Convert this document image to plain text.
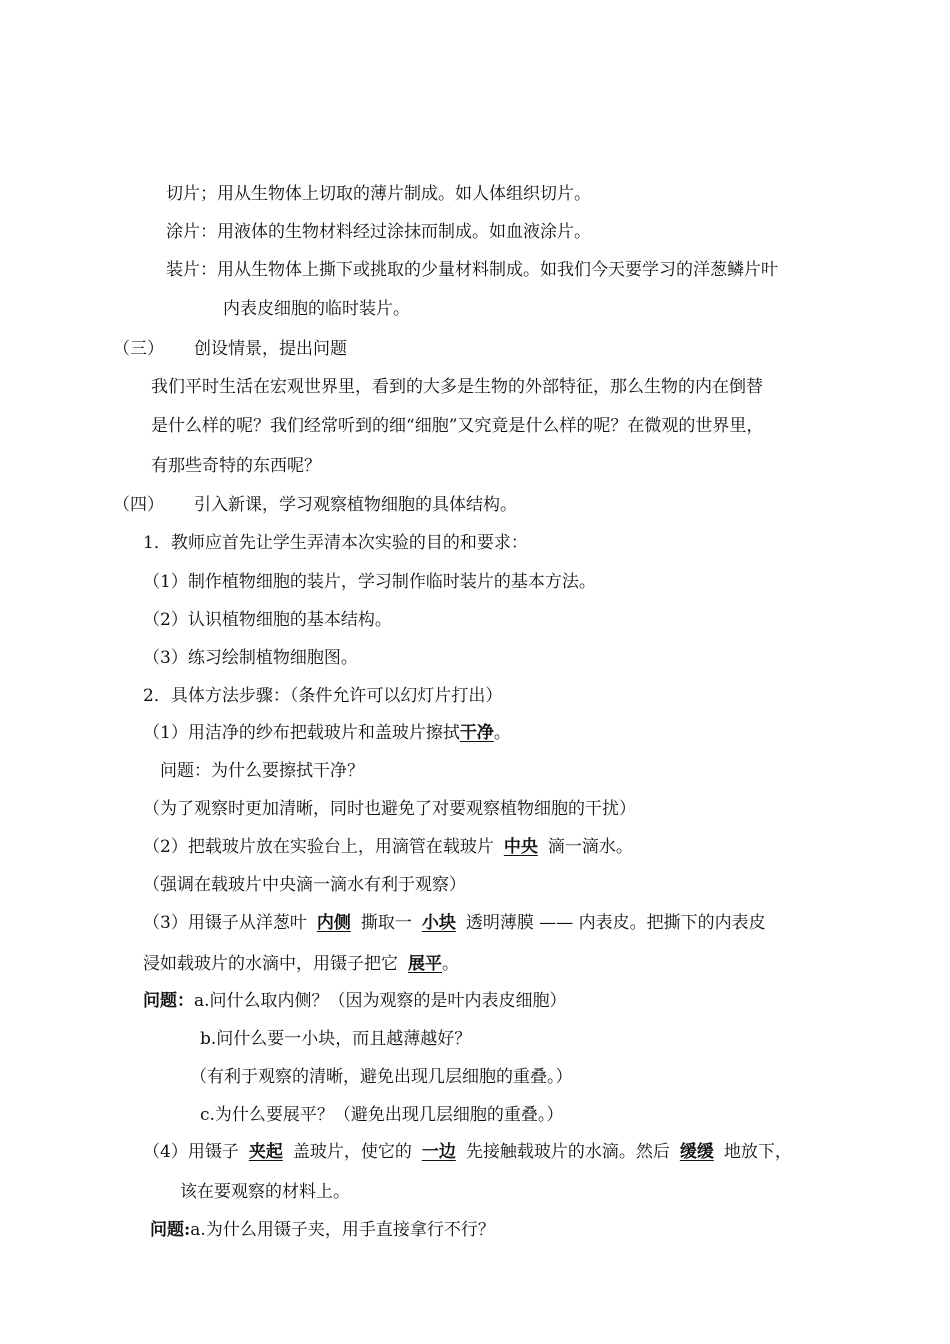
切片；用从生物体上切取的薄片制成。如人体组织切片。
涂片：用液体的生物材料经过涂抹而制成。如血液涂片。
装片：用从生物体上撕下或挑取的少量材料制成。如我们今天要学习的洋葱鳞片叶
内表皮细胞的临时装片。
（三） 创设情景，提出问题
我们平时生活在宏观世界里，看到的大多是生物的外部特征，那么生物的内在倒替
是什么样的呢？我们经常听到的细“细胞”又究竟是什么样的呢？在微观的世界里，
有那些奇特的东西呢？
（四） 引入新课，学习观察植物细胞的具体结构。
1．教师应首先让学生弄清本次实验的目的和要求：
（1）制作植物细胞的装片，学习制作临时装片的基本方法。
（2）认识植物细胞的基本结构。
（3）练习绘制植物细胞图。
2．具体方法步骤：（条件允许可以幻灯片打出）
（1）用洁净的纱布把载玻片和盖玻片擦拭干净。
问题：为什么要擦拭干净？
（为了观察时更加清晰，同时也避免了对要观察植物细胞的干扰）
（2）把载玻片放在实验台上，用滴管在载玻片 中央 滴一滴水。
（强调在载玻片中央滴一滴水有利于观察）
（3）用镊子从洋葱叶 内侧 撕取一 小块 透明薄膜 —— 内表皮。把撕下的内表皮
浸如载玻片的水滴中，用镊子把它 展平。
问题：a.问什么取内侧？（因为观察的是叶内表皮细胞）
b.问什么要一小块，而且越薄越好？
（有利于观察的清晰，避免出现几层细胞的重叠。）
c.为什么要展平？（避免出现几层细胞的重叠。）
（4）用镊子 夹起 盖玻片，使它的 一边 先接触载玻片的水滴。然后 缓缓 地放下，
该在要观察的材料上。
问题:a.为什么用镊子夹，用手直接拿行不行？
